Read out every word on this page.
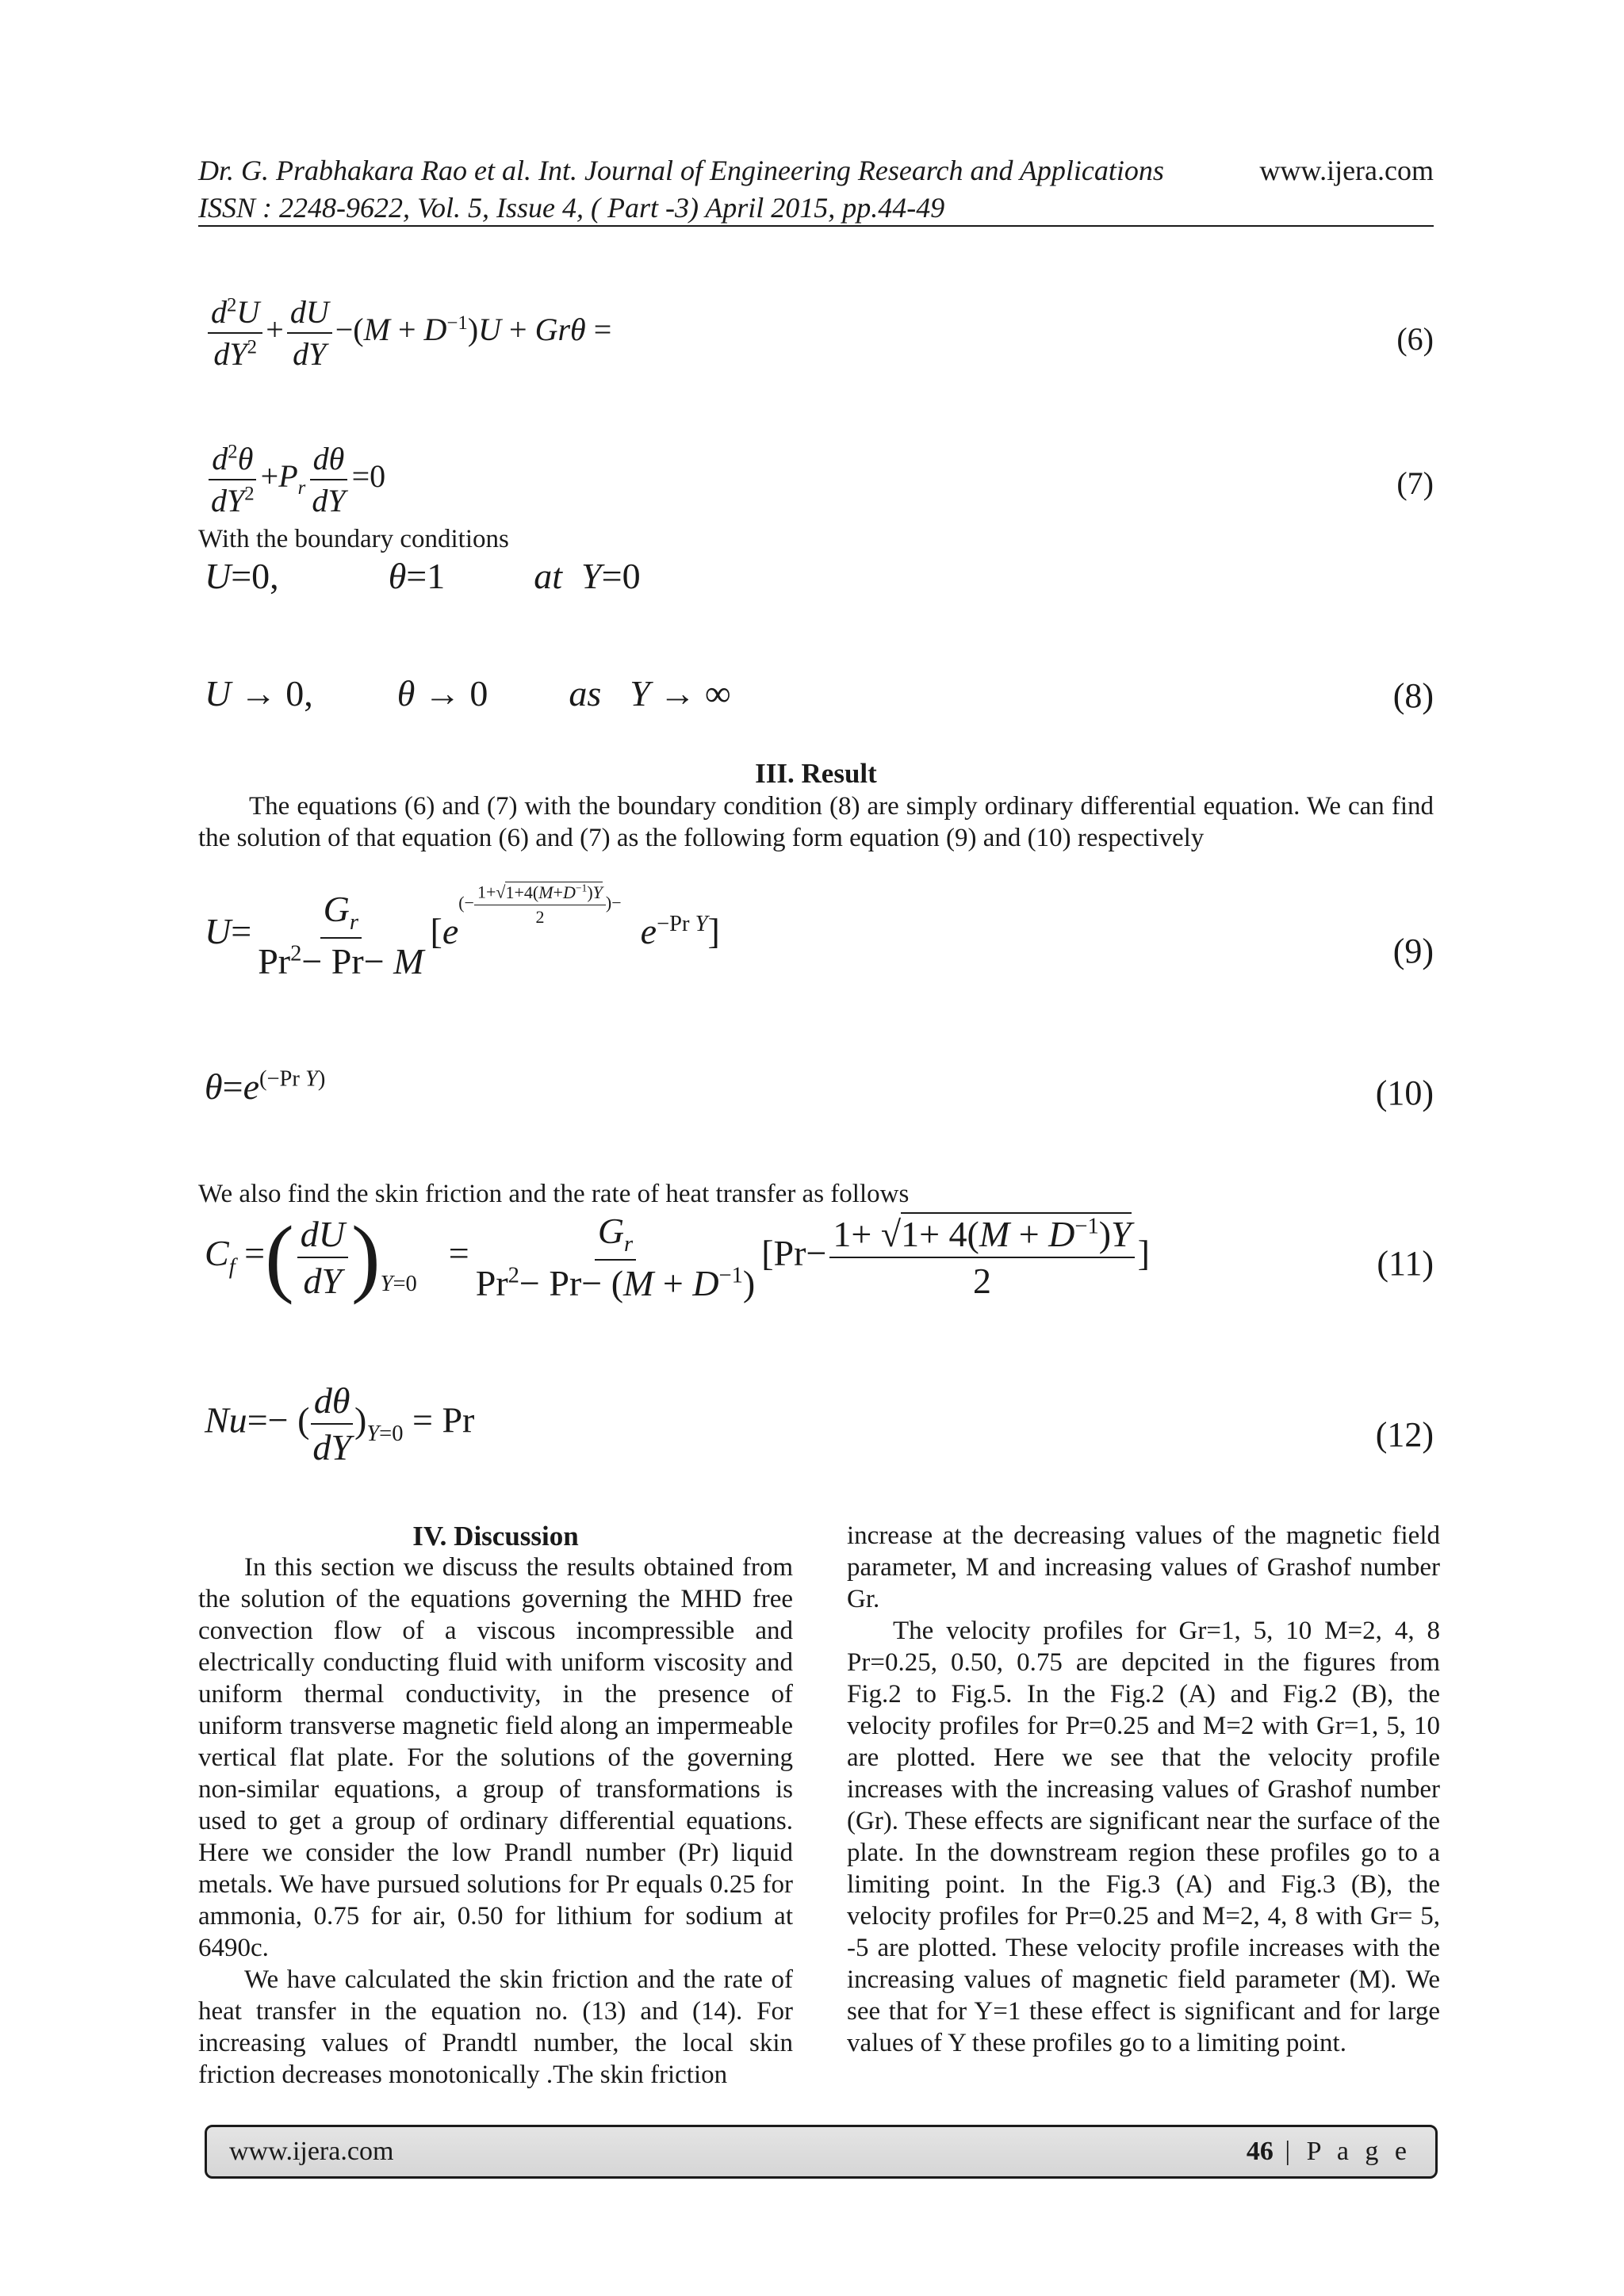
Dr. G. Prabhakara Rao et al. Int. Journal of Engineering Research and Applications	www.ijera.com
ISSN : 2248-9622, Vol. 5, Issue 4, ( Part -3) April 2015, pp.44-49
$\frac{d^2U}{dY^2} + \frac{dU}{dY} -(M + D^{-1})U + Gr\theta$ =	(6)
$\frac{d^2\theta}{dY^2} +P_r \frac{d\theta}{dY} =0$	(7)
With the boundary conditions
U=0,	θ=1 at Y=0
U → 0, θ → 0 as Y → ∞	(8)
III. Result
The equations (6) and (7) with the boundary condition (8) are simply ordinary differential equation. We can find the solution of that equation (6) and (7) as the following form equation (9) and (10) respectively
$U= \frac{G_r}{Pr^2- Pr- M} [e^{(- \frac{1+√1+4(M+D^{-1})Y}{2} )-}e^{-Pr Y}]$	(9)
$\theta=e^{(-Pr Y)}$	(10)
We also find the skin friction and the rate of heat transfer as follows
$C_f$ =( $\frac{dU}{dY} )_{Y=0}= \frac{G_r}{Pr^2- Pr- (M + D^{-1})} [Pr- \frac{1+ √1+ 4(M + D^{-1})Y}{2}$ ]	(11)
Nu=− ( $\frac{d\theta}{dY} )_{Y=0} = Pr$	(12)
IV. Discussion

In this section we discuss the results obtained from the solution of the equations governing the MHD free convection flow of a viscous incompressible and electrically conducting fluid with uniform viscosity and uniform thermal conductivity, in the presence of uniform transverse magnetic field along an impermeable vertical flat plate. For the solutions of the governing non-similar equations, a group of transformations is used to get a group of ordinary differential equations. Here we consider the low Prandl number (Pr) liquid metals. We have pursued solutions for Pr equals 0.25 for ammonia, 0.75 for air, 0.50 for lithium for sodium at 6490c.

We have calculated the skin friction and the rate of heat transfer in the equation no. (13) and (14). For increasing values of Prandtl number, the local skin friction decreases monotonically .The skin friction

increase at the decreasing values of the magnetic field parameter, M and increasing values of Grashof number Gr.

The velocity profiles for Gr=1, 5, 10 M=2, 4, 8 Pr=0.25, 0.50, 0.75 are depcited in the figures from Fig.2 to Fig.5. In the Fig.2 (A) and Fig.2 (B), the velocity profiles for Pr=0.25 and M=2 with Gr=1, 5, 10 are plotted. Here we see that the velocity profile increases with the increasing values of Grashof number (Gr). These effects are significant near the surface of the plate. In the downstream region these profiles go to a limiting point. In the Fig.3 (A) and Fig.3 (B), the velocity profiles for Pr=0.25 and M=2, 4, 8 with Gr= 5, -5 are plotted. These velocity profile increases with the increasing values of magnetic field parameter (M). We see that for Y=1 these effect is significant and for large values of Y these profiles go to a limiting point.

www.ijera.com	46 | P a g e
